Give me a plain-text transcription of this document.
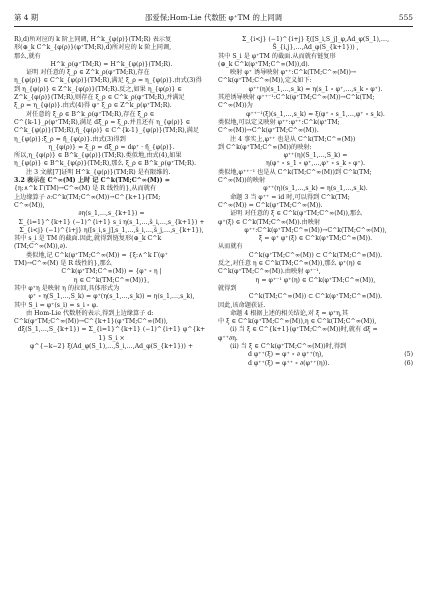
第 4 期	邵爱保;Hom-Lie 代数胚 φ⁺TM 的上同调	555

R),d)所对应的 k 阶上同调, H^k_{φ(ρ)}(TM;R) 表示复

形(⊕_k C^k_{φ(ρ)}(φ⁺TM;R),d̂)所对应的 k 阶上同调,

那么,就有

H^k_ρ(φ⁺TM;R) = H^k_{φ(ρ)}(TM;R).

证明 对任意的 ξ_ρ ∈ Z^k_ρ(φ⁺TM;R),存在

η_{φ(ρ)} ∈ C^k_{φ(ρ)}(TM;R),满足 ξ_ρ = η_{φ(ρ)}.由式(3)得

到 η_{φ(ρ)} ∈ Z^k_{φ(ρ)}(TM;R).反之,如果 η_{φ(ρ)} ∈

Z^k_{φ(ρ)}(TM;R),则存在 ξ_ρ ∈ C^k_ρ(φ⁺TM;R),并满足

ξ_ρ = η_{φ(ρ)}.由式(4)得 φ⁺ ξ_ρ ∈ Z^k_ρ(φ⁺TM;R).

对任意的 ξ_ρ ∈ B^k_ρ(φ⁺TM;R),存在 ξ̃_ρ ∈

C^{k-1}_ρ(φ⁺TM;R),满足 dξ̃_ρ = ξ_ρ.并且还有 η_{φ(ρ)} ∈

C^k_{φ(ρ)}(TM;R),η̃_{φ(ρ)} ∈ C^{k-1}_{φ(ρ)}(TM;R),满足

η_{φ(ρ)}:ξ̃_ρ = η̃_{φ(ρ)}.由式(3)得到

η_{φ(ρ)} = ξ_ρ = dξ̃_ρ = dφ⁺ · η̃_{φ(ρ)}.

所以,η_{φ(ρ)} ∈ B^k_{φ(ρ)}(TM;R).类似地,由式(4),如果

η_{φ(ρ)} ∈ B^k_{φ(ρ)}(TM;R),那么 ξ_ρ ∈ B^k_ρ(φ⁺TM;R).

注 3 文献[7]证明 H^k_{φ(ρ)}(TM;R) 是有限维的.

3.2 表示在 C^∞(M) 上时 记 C^k(TM;C^∞(M)) =

{η:∧^k Γ(TM)→C^∞(M) 是 R 线性的},从而就有

上边缘算子 ∂:C^k(TM;C^∞(M))→C^{k+1}(TM;

C^∞(M)),

∂η(s_1,…,s_{k+1}) =

Σ_{i=1}^{k+1} (−1)^{i+1} s_i η(s_1,…,ŝ_i,…,s_{k+1}) +

Σ_{i<j} (−1)^{i+j} η([s_i,s_j],s_1,…,ŝ_i,…,ŝ_j,…,s_{k+1}),

其中 s_i 是 TM 的截面.因此,就得到链复形(⊕_k C^k

(TM;C^∞(M)),∂).

类似地,记 C^k(φ⁺TM;C^∞(M)) = {ξ:∧^k Γ(φ⁺

TM)→C^∞(M) 是 R 线性的},那么

C^k(φ⁺TM;C^∞(M)) = {φ⁺ ∘ η |

η ∈ C^k(TM;C^∞(M))},

其中 φ⁺η 是映射 η 的拉回,具体形式为

φ⁺ ∘ η(S_1,…,S_k) = φ⁺(η(s_1,…,s_k)) = η(s_1,…,s_k),

其中 S_i = φ⁺(s_i) = s_i ∘ φ.

由 Hom-Lie 代数胚的表示,得到上边缘算子 d:

C^k(φ⁺TM;C^∞(M))→C^{k+1}(φ⁺TM;C^∞(M)),

dξ(S_1,…,S_{k+1}) = Σ_{i=1}^{k+1} (−1)^{i+1} φ^{k+1} S_i ×

φ^{−k−2} ξ(Ad_φ(S_1),…,Ŝ_i,…,Ad_φ(S_{k+1})) +

Σ_{i<j} (−1)^{i+j} ξ([S_i,S_j]_φ,Ad_φ(S_1),…,

Ŝ_{i,j},…,Ad_φ(S_{k+1})) ,

其中 S_i 是 φ⁺TM 的截面.从而就有链复形

(⊕_k C^k(φ⁺TM;C^∞(M)),d).

映射 φ⁺ 诱导映射 φ⁺⁺:C^k(TM;C^∞(M))→

C^k(φ⁺TM;C^∞(M)),定义如下:

φ⁺⁺(η)(s_1,…,s_k) = η(s_1 ∘ φ⁺,…,s_k ∘ φ⁺).

其逆诱导映射 φ⁺⁺⁻¹:C^k(φ⁺TM;C^∞(M))→C^k(TM;

C^∞(M))为

φ⁺⁺⁻¹(ξ)(s_1,…,s_k) = ξ(φ⁺ ∘ s_1,…,φ⁺ ∘ s_k).

类似地,可以定义映射 φ⁺⁺:φ⁺⁺:C^k(φ⁺TM;

C^∞(M))→C^k(φ⁺TM;C^∞(M)).

注 4 事实上,φ⁺⁺ 也是从 C^k(TM;C^∞(M))

到 C^k(φ⁺TM;C^∞(M))的映射:

φ⁺⁺(η)(S_1,…,S_k) =

η(φ⁺ ∘ s_1 ∘ φ⁺,…,φ⁺ ∘ s_k ∘ φ⁺).

类似地,φ⁺⁺⁻¹ 也是从 C^k(TM;C^∞(M))到 C^k(TM;

C^∞(M))的映射

φ⁺⁺(η)(s_1,…,s_k) = η(s_1,…,s_k).

命题 3 当 φ⁺⁺ = id 时,可以得到 C^k(TM;

C^∞(M)) = C^k(φ⁺TM;C^∞(M)).

证明 对任意的 ξ ∈ C^k(φ⁺TM;C^∞(M)),那么

φ⁺(ξ) ∈ C^k(TM;C^∞(M)).由映射

φ⁺⁺:C^k(φ⁺TM;C^∞(M))→C^k(TM;C^∞(M)),

ξ = φ⁺ φ⁺(ξ) ∈ C^k(φ⁺TM;C^∞(M)).

从而就有

C^k(φ⁺TM;C^∞(M)) ⊂ C^k(TM;C^∞(M)).

反之,对任意 η ∈ C^k(TM;C^∞(M)),那么 φ⁺(η) ∈

C^k(φ⁺TM;C^∞(M)).由映射 φ⁺⁻¹,

η = φ⁺⁻¹ φ⁺(η) ∈ C^k(φ⁺TM;C^∞(M)),

就得到

C^k(TM;C^∞(M)) ⊂ C^k(φ⁺TM;C^∞(M)).

因此,该命题获证.

命题 4 根据上述的相关结论,对 ξ = φ⁺η,其

中 ξ ∈ C^k(φ⁺TM;C^∞(M)),η ∈ C^k(TM;C^∞(M)),

(i) 当 ξ ∈ C^{k+1}(φ⁺TM;C^∞(M))时,就有 dξ =

φ⁺⁺∂η.

(ii) 当 ξ ∈ C^k(φ⁺TM;C^∞(M))时,得到

(5)
d φ⁺⁺(ξ) = φ⁺ ∘ ∂ φ⁺⁺(η),

(6)
d φ⁺⁺(ξ) = φ⁺⁺ ∘ ∂(φ⁺⁺(η)).
